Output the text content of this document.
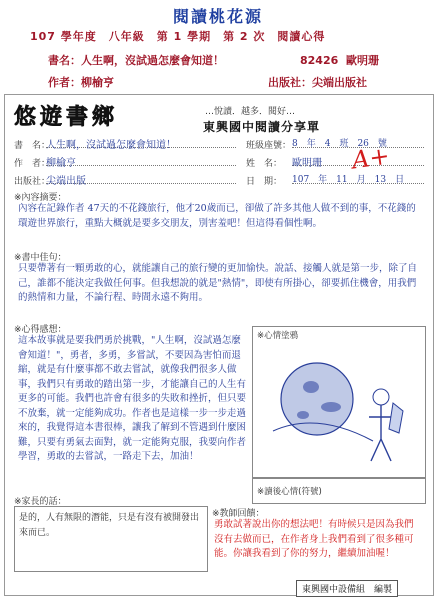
閱讀桃花源
107 學年度　八年級　第 1 學期　第 2 次　閱讀心得
書名：人生啊，沒試過怎麼會知道！	82426 歐明珊
作者：柳榆亨	出版社：尖端出版社
悠遊書鄉	…悅讀．越多．閱好…
東興國中閱讀分享單
書　名：
人生啊，沒試過怎麼會知道！	班級座號： 8　年　4　班　26　號
作　者：
柳榆亨	姓　名： 歐明珊
出版社：
尖端出版	日　期： 107　年　11　月　13　日
A+
※內容摘要：
內容在記錄作者 47天的不花錢旅行，他才20歲而已，卻做了許多其他人做不到的事，不花錢的環遊世界旅行，重點大概就是要多交朋友，別害羞吧！但這得看個性啊。
※書中佳句：
只要帶著有一顆勇敢的心，就能讓自己的旅行變的更加愉快。說話、接觸人就是第一步，除了自己，誰都不能決定我做任何事。但我想說的就是"熱情"，即使有所掛心，卻要抓住機會，用我們的熱情和力量，不論行程、時間永遠不夠用。
※心得感想：
這本故事就是要我們勇於挑戰，"人生啊，沒試過怎麼會知道！"，勇者，多勇，多嘗試，不要因為害怕而退縮，就是有什麼事都不敢去嘗試，就像我們很多人做事，我們只有勇敢的踏出第一步，才能讓自己的人生有更多的可能。我們也許會有很多的失敗和挫折，但只要不放棄，就一定能夠成功。作者也是這樣一步一步走過來的，我覺得這本書很棒，讓我了解到不管遇到什麼困難，只要有勇氣去面對，就一定能夠克服，我要向作者學習，勇敢的去嘗試，一路走下去，加油！
※心情塗鴉
※讀後心情(符號)
※家長的話：
是的，人有無限的潛能，只是有沒有被開發出來而已。
※教師回饋：
勇敢試著說出你的想法吧！有時候只是因為我們沒有去做而已，在作者身上我們看到了很多種可能。你讓我看到了你的努力，繼續加油喔！
東興國中設備組　編製
